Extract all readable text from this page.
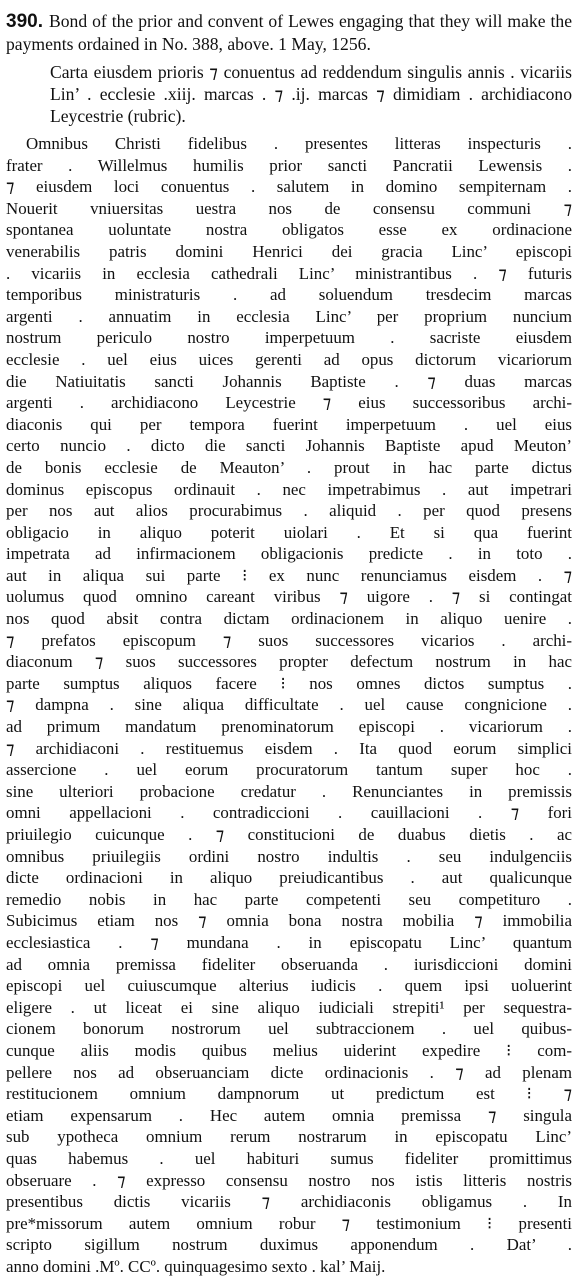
390. Bond of the prior and convent of Lewes engaging that they will make the payments ordained in No. 388, above. 1 May, 1256.

Carta eiusdem prioris ⁊ conuentus ad reddendum singulis annis . vicariis Lin’ . ecclesie .xiij. marcas . ⁊ .ij. marcas ⁊ dimidiam . archidiacono Leycestrie (rubric).

Omnibus Christi fidelibus . presentes litteras inspecturis .
frater . Willelmus humilis prior sancti Pancratii Lewensis .
⁊ eiusdem loci conuentus . salutem in domino sempiternam .
Nouerit vniuersitas uestra nos de consensu communi ⁊
spontanea uoluntate nostra obligatos esse ex ordinacione
venerabilis patris domini Henrici dei gracia Linc’ episcopi
. vicariis in ecclesia cathedrali Linc’ ministrantibus . ⁊ futuris
temporibus ministraturis . ad soluendum tresdecim marcas
argenti . annuatim in ecclesia Linc’ per proprium nuncium
nostrum periculo nostro imperpetuum . sacriste eiusdem
ecclesie . uel eius uices gerenti ad opus dictorum vicariorum
die Natiuitatis sancti Johannis Baptiste . ⁊ duas marcas
argenti . archidiacono Leycestrie ⁊ eius successoribus archi-
diaconis qui per tempora fuerint imperpetuum . uel eius
certo nuncio . dicto die sancti Johannis Baptiste apud Meuton’
de bonis ecclesie de Meauton’ . prout in hac parte dictus
dominus episcopus ordinauit . nec impetrabimus . aut impetrari
per nos aut alios procurabimus . aliquid . per quod presens
obligacio in aliquo poterit uiolari . Et si qua fuerint
impetrata ad infirmacionem obligacionis predicte . in toto .
aut in aliqua sui parte ⁝ ex nunc renunciamus eisdem . ⁊
uolumus quod omnino careant viribus ⁊ uigore . ⁊ si contingat
nos quod absit contra dictam ordinacionem in aliquo uenire .
⁊ prefatos episcopum ⁊ suos successores vicarios . archi-
diaconum ⁊ suos successores propter defectum nostrum in hac
parte sumptus aliquos facere ⁝ nos omnes dictos sumptus .
⁊ dampna . sine aliqua difficultate . uel cause congnicione .
ad primum mandatum prenominatorum episcopi . vicariorum .
⁊ archidiaconi . restituemus eisdem . Ita quod eorum simplici
assercione . uel eorum procuratorum tantum super hoc .
sine ulteriori probacione credatur . Renunciantes in premissis
omni appellacioni . contradiccioni . cauillacioni . ⁊ fori
priuilegio cuicunque . ⁊ constitucioni de duabus dietis . ac
omnibus priuilegiis ordini nostro indultis . seu indulgenciis
dicte ordinacioni in aliquo preiudicantibus . aut qualicunque
remedio nobis in hac parte competenti seu competituro .
Subicimus etiam nos ⁊ omnia bona nostra mobilia ⁊ immobilia
ecclesiastica . ⁊ mundana . in episcopatu Linc’ quantum
ad omnia premissa fideliter obseruanda . iurisdiccioni domini
episcopi uel cuiuscumque alterius iudicis . quem ipsi uoluerint
eligere . ut liceat ei sine aliquo iudiciali strepiti¹ per sequestra-
cionem bonorum nostrorum uel subtraccionem . uel quibus-
cunque aliis modis quibus melius uiderint expedire ⁝ com-
pellere nos ad obseruanciam dicte ordinacionis . ⁊ ad plenam
restitucionem omnium dampnorum ut predictum est ⁝ ⁊
etiam expensarum . Hec autem omnia premissa ⁊ singula
sub ypotheca omnium rerum nostrarum in episcopatu Linc’
quas habemus . uel habituri sumus fideliter promittimus
obseruare . ⁊ expresso consensu nostro nos istis litteris nostris
presentibus dictis vicariis ⁊ archidiaconis obligamus . In
pre*missorum autem omnium robur ⁊ testimonium ⁝ presenti
scripto sigillum nostrum duximus apponendum . Dat’ .
anno domini .Mº. CCº. quinquagesimo sexto . kal’ Maij.
